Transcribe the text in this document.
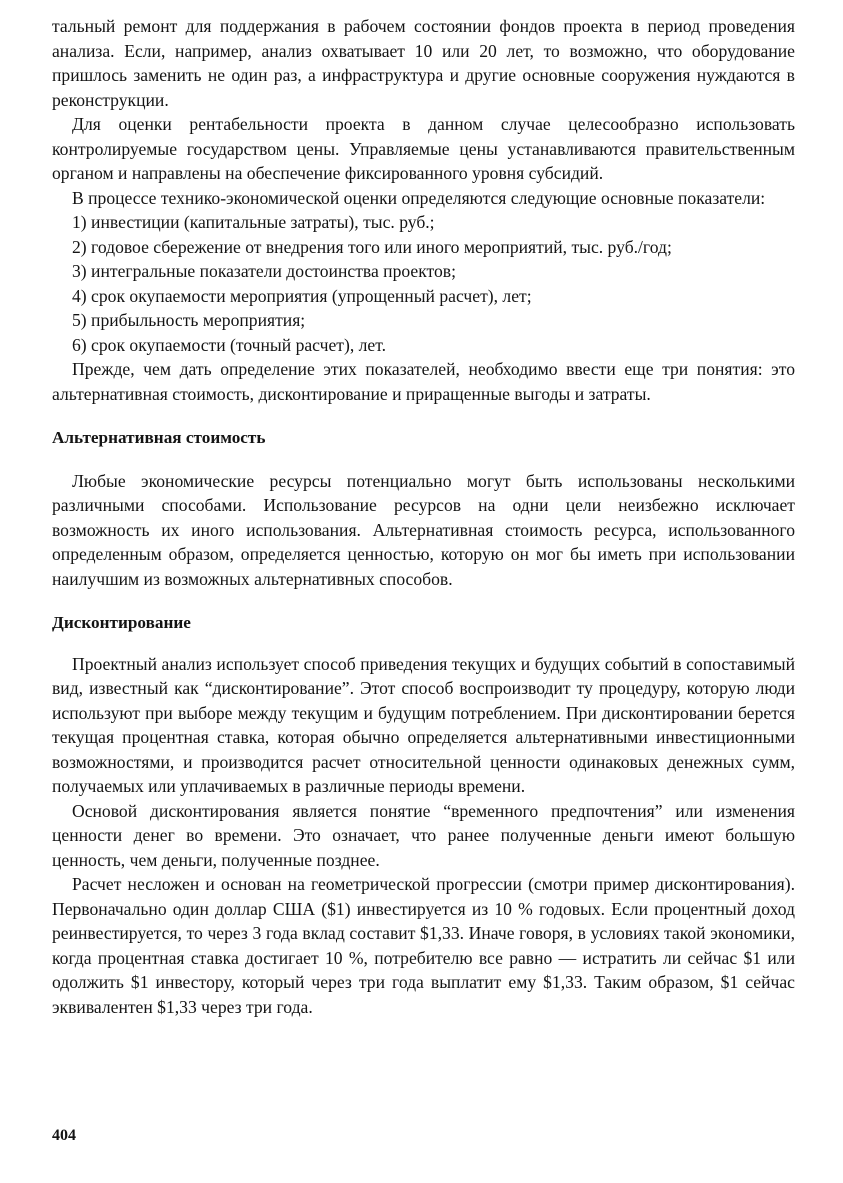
тальный ремонт для поддержания в рабочем состоянии фондов проекта в период проведения анализа. Если, например, анализ охватывает 10 или 20 лет, то возможно, что оборудование пришлось заменить не один раз, а инфраструктура и другие основные сооружения нуждаются в реконструкции.

Для оценки рентабельности проекта в данном случае целесообразно использовать контролируемые государством цены. Управляемые цены устанавливаются правительственным органом и направлены на обеспечение фиксированного уровня субсидий.

В процессе технико-экономической оценки определяются следующие основные показатели:

1) инвестиции (капитальные затраты), тыс. руб.;
2) годовое сбережение от внедрения того или иного мероприятий, тыс. руб./год;
3) интегральные показатели достоинства проектов;
4) срок окупаемости мероприятия (упрощенный расчет), лет;
5) прибыльность мероприятия;
6) срок окупаемости (точный расчет), лет.

Прежде, чем дать определение этих показателей, необходимо ввести еще три понятия: это альтернативная стоимость, дисконтирование и приращенные выгоды и затраты.

Альтернативная стоимость

Любые экономические ресурсы потенциально могут быть использованы несколькими различными способами. Использование ресурсов на одни цели неизбежно исключает возможность их иного использования. Альтернативная стоимость ресурса, использованного определенным образом, определяется ценностью, которую он мог бы иметь при использовании наилучшим из возможных альтернативных способов.

Дисконтирование

Проектный анализ использует способ приведения текущих и будущих событий в сопоставимый вид, известный как “дисконтирование”. Этот способ воспроизводит ту процедуру, которую люди используют при выборе между текущим и будущим потреблением. При дисконтировании берется текущая процентная ставка, которая обычно определяется альтернативными инвестиционными возможностями, и производится расчет относительной ценности одинаковых денежных сумм, получаемых или уплачиваемых в различные периоды времени.

Основой дисконтирования является понятие “временного предпочтения” или изменения ценности денег во времени. Это означает, что ранее полученные деньги имеют большую ценность, чем деньги, полученные позднее.

Расчет несложен и основан на геометрической прогрессии (смотри пример дисконтирования). Первоначально один доллар США ($1) инвестируется из 10 % годовых. Если процентный доход реинвестируется, то через 3 года вклад составит $1,33. Иначе говоря, в условиях такой экономики, когда процентная ставка достигает 10 %, потребителю все равно — истратить ли сейчас $1 или одолжить $1 инвестору, который через три года выплатит ему $1,33. Таким образом, $1 сейчас эквивалентен $1,33 через три года.

404
